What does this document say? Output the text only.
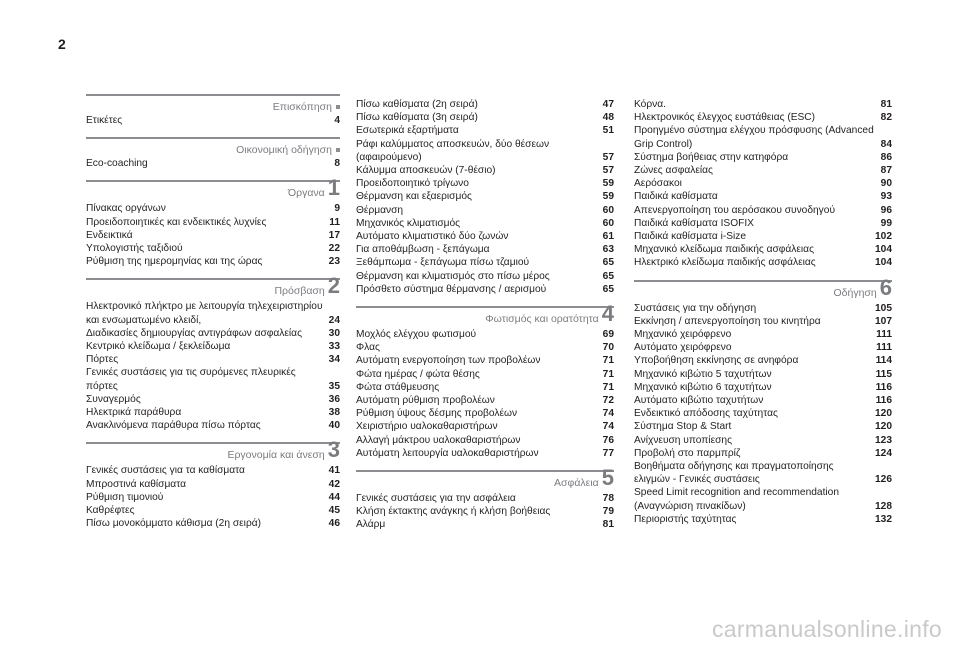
2
Επισκόπηση
Ετικέτες	4
Οικονομική οδήγηση
Eco-coaching	8
Όργανα 1
Πίνακας οργάνων	9
Προειδοποιητικές και ενδεικτικές λυχνίες	11
Ενδεικτικά	17
Υπολογιστής ταξιδιού	22
Ρύθμιση της ημερομηνίας και της ώρας	23
Πρόσβαση 2
Ηλεκτρονικό πλήκτρο με λειτουργία τηλεχειριστηρίου και ενσωματωμένο κλειδί,	24
Διαδικασίες δημιουργίας αντιγράφων ασφαλείας	30
Κεντρικό κλείδωμα / ξεκλείδωμα	33
Πόρτες	34
Γενικές συστάσεις για τις συρόμενες πλευρικές πόρτες	35
Συναγερμός	36
Ηλεκτρικά παράθυρα	38
Ανακλινόμενα παράθυρα πίσω πόρτας	40
Εργονομία και άνεση 3
Γενικές συστάσεις για τα καθίσματα	41
Μπροστινά καθίσματα	42
Ρύθμιση τιμονιού	44
Καθρέφτες	45
Πίσω μονοκόμματο κάθισμα (2η σειρά)	46
Πίσω καθίσματα (2η σειρά)	47
Πίσω καθίσματα (3η σειρά)	48
Εσωτερικά εξαρτήματα	51
Ράφι καλύμματος αποσκευών, δύο θέσεων (αφαιρούμενο)	57
Κάλυμμα αποσκευών (7-θέσιο)	57
Προειδοποιητικό τρίγωνο	59
Θέρμανση και εξαερισμός	59
Θέρμανση	60
Μηχανικός κλιματισμός	60
Αυτόματο κλιματιστικό δύο ζωνών	61
Για αποθάμβωση - ξεπάγωμα	63
Ξεθάμπωμα - ξεπάγωμα πίσω τζαμιού	65
Θέρμανση και κλιματισμός στο πίσω μέρος	65
Πρόσθετο σύστημα θέρμανσης / αερισμού	65
Φωτισμός και ορατότητα 4
Μοχλός ελέγχου φωτισμού	69
Φλας	70
Αυτόματη ενεργοποίηση των προβολέων	71
Φώτα ημέρας / φώτα θέσης	71
Φώτα στάθμευσης	71
Αυτόματη ρύθμιση προβολέων	72
Ρύθμιση ύψους δέσμης προβολέων	74
Χειριστήριο υαλοκαθαριστήρων	74
Αλλαγή μάκτρου υαλοκαθαριστήρων	76
Αυτόματη λειτουργία υαλοκαθαριστήρων	77
Ασφάλεια 5
Γενικές συστάσεις για την ασφάλεια	78
Κλήση έκτακτης ανάγκης ή κλήση βοήθειας	79
Αλάρμ	81
Κόρνα.	81
Ηλεκτρονικός έλεγχος ευστάθειας (ESC)	82
Προηγμένο σύστημα ελέγχου πρόσφυσης (Advanced Grip Control)	84
Σύστημα βοήθειας στην κατηφόρα	86
Ζώνες ασφαλείας	87
Αερόσακοι	90
Παιδικά καθίσματα	93
Απενεργοποίηση του αερόσακου συνοδηγού	96
Παιδικά καθίσματα ISOFIX	99
Παιδικά καθίσματα i-Size	102
Μηχανικό κλείδωμα παιδικής ασφάλειας	104
Ηλεκτρικό κλείδωμα παιδικής ασφάλειας	104
Οδήγηση 6
Συστάσεις για την οδήγηση	105
Εκκίνηση / απενεργοποίηση του κινητήρα	107
Μηχανικό χειρόφρενο	111
Αυτόματο χειρόφρενο	111
Υποβοήθηση εκκίνησης σε ανηφόρα	114
Μηχανικό κιβώτιο 5 ταχυτήτων	115
Μηχανικό κιβώτιο 6 ταχυτήτων	116
Αυτόματο κιβώτιο ταχυτήτων	116
Ενδεικτικό απόδοσης ταχύτητας	120
Σύστημα Stop & Start	120
Ανίχνευση υποπίεσης	123
Προβολή στο παρμπρίζ	124
Βοηθήματα οδήγησης και πραγματοποίησης ελιγμών - Γενικές συστάσεις	126
Speed Limit recognition and recommendation (Αναγνώριση πινακίδων)	128
Περιοριστής ταχύτητας	132
carmanualsonline.info
